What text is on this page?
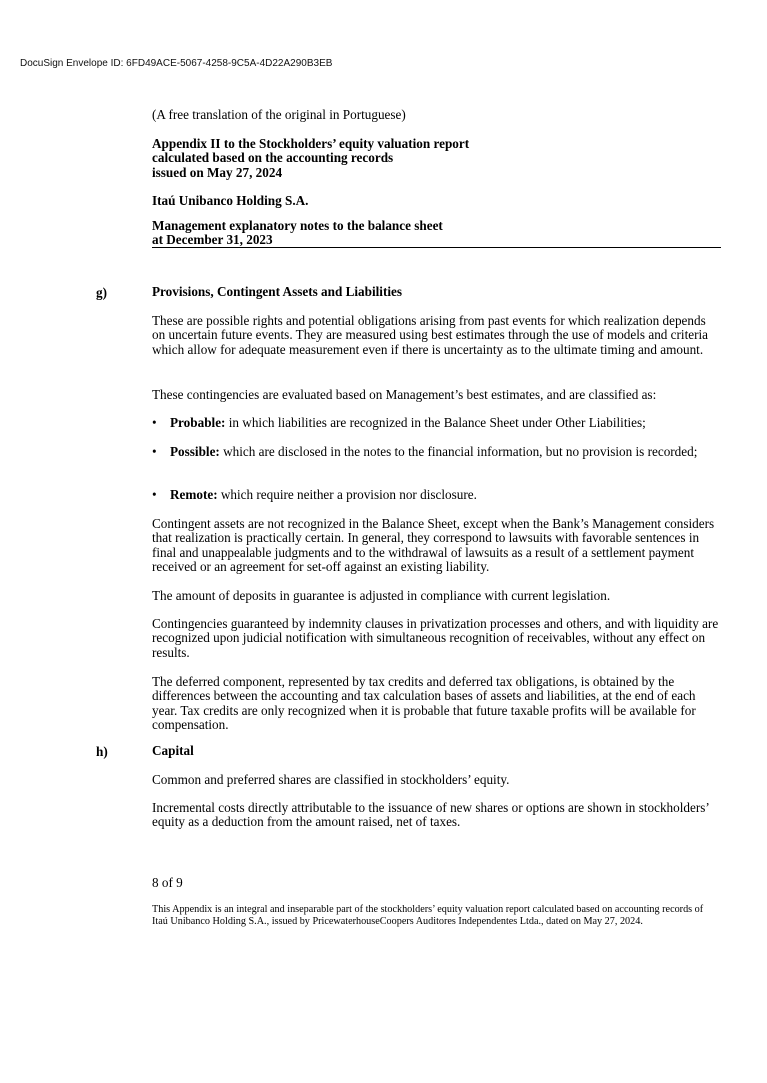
DocuSign Envelope ID: 6FD49ACE-5067-4258-9C5A-4D22A290B3EB
(A free translation of the original in Portuguese)
Appendix II to the Stockholders’ equity valuation report
calculated based on the accounting records
issued on May 27, 2024
Itaú Unibanco Holding S.A.
Management explanatory notes to the balance sheet
at December 31, 2023
g)	Provisions, Contingent Assets and Liabilities

These are possible rights and potential obligations arising from past events for which realization depends on uncertain future events. They are measured using best estimates through the use of models and criteria which allow for adequate measurement even if there is uncertainty as to the ultimate timing and amount.

These contingencies are evaluated based on Management’s best estimates, and are classified as:

• Probable: in which liabilities are recognized in the Balance Sheet under Other Liabilities;
• Possible: which are disclosed in the notes to the financial information, but no provision is recorded;
• Remote: which require neither a provision nor disclosure.

Contingent assets are not recognized in the Balance Sheet, except when the Bank’s Management considers that realization is practically certain. In general, they correspond to lawsuits with favorable sentences in final and unappealable judgments and to the withdrawal of lawsuits as a result of a settlement payment received or an agreement for set-off against an existing liability.

The amount of deposits in guarantee is adjusted in compliance with current legislation.

Contingencies guaranteed by indemnity clauses in privatization processes and others, and with liquidity are recognized upon judicial notification with simultaneous recognition of receivables, without any effect on results.

The deferred component, represented by tax credits and deferred tax obligations, is obtained by the differences between the accounting and tax calculation bases of assets and liabilities, at the end of each year. Tax credits are only recognized when it is probable that future taxable profits will be available for compensation.

h)	Capital

Common and preferred shares are classified in stockholders’ equity.

Incremental costs directly attributable to the issuance of new shares or options are shown in stockholders’ equity as a deduction from the amount raised, net of taxes.

8 of 9
This Appendix is an integral and inseparable part of the stockholders’ equity valuation report calculated based on accounting records of Itaú Unibanco Holding S.A., issued by PricewaterhouseCoopers Auditores Independentes Ltda., dated on May 27, 2024.
